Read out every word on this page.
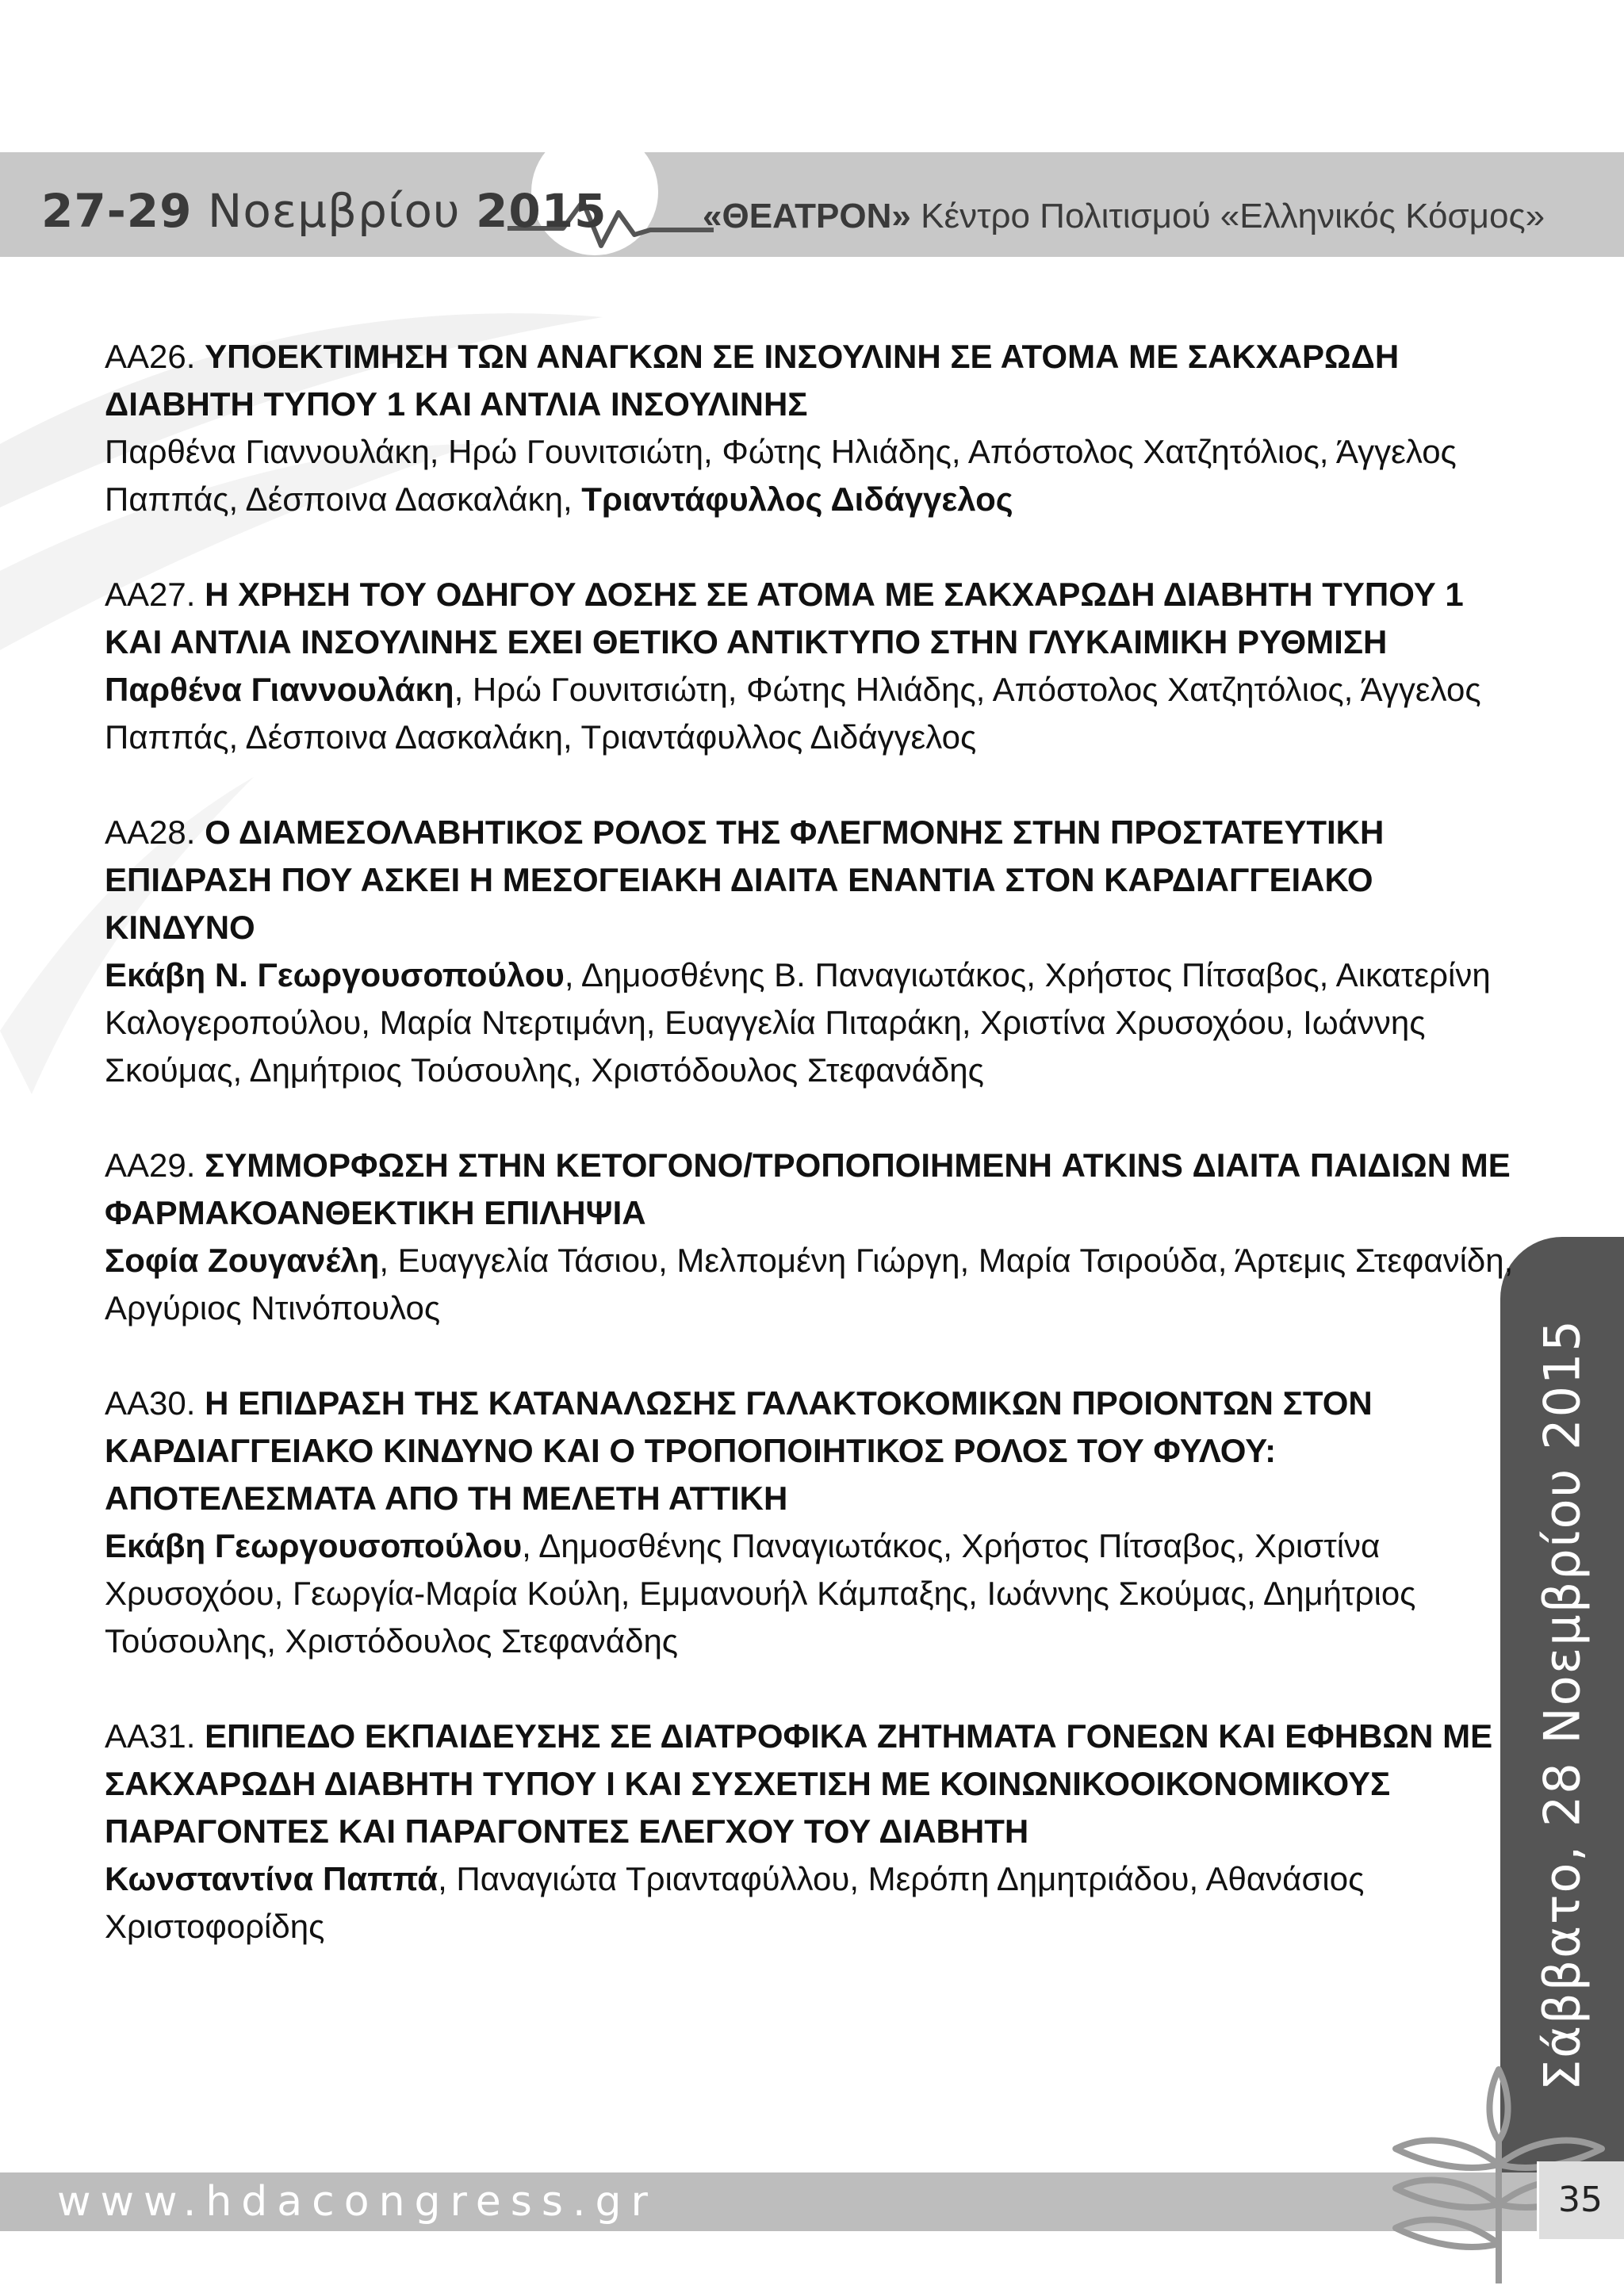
27-29 Νοεμβρίου 2015	«ΘΕΑΤΡΟΝ» Κέντρο Πολιτισμού «Ελληνικός Κόσμος»

AA26. YΠΟΕΚΤΙΜΗΣΗ ΤΩΝ ΑΝΑΓΚΩΝ ΣΕ ΙΝΣΟΥΛΙΝΗ ΣΕ ΑΤΟΜΑ ΜΕ ΣΑΚΧΑΡΩΔΗ ΔΙΑΒΗΤΗ ΤΥΠΟΥ 1 ΚΑΙ ΑΝΤΛΙΑ ΙΝΣΟΥΛΙΝΗΣ

Παρθένα Γιαννουλάκη, Ηρώ Γουνιτσιώτη, Φώτης Ηλιάδης, Απόστολος Χατζητόλιος, Άγγελος Παππάς, Δέσποινα Δασκαλάκη, Τριαντάφυλλος Διδάγγελος

AA27. Η ΧΡΗΣΗ ΤΟΥ ΟΔΗΓΟΥ ΔΟΣΗΣ ΣΕ ΑΤΟΜΑ ΜΕ ΣΑΚΧΑΡΩΔΗ ΔΙΑΒΗΤΗ ΤΥΠΟΥ 1 ΚΑΙ ΑΝΤΛΙΑ ΙΝΣΟΥΛΙΝΗΣ ΕΧΕΙ ΘΕΤΙΚΟ ΑΝΤΙΚΤΥΠΟ ΣΤΗΝ ΓΛΥΚΑΙΜΙΚΗ ΡΥΘΜΙΣΗ

Παρθένα Γιαννουλάκη, Ηρώ Γουνιτσιώτη, Φώτης Ηλιάδης, Απόστολος Χατζητόλιος, Άγγελος Παππάς, Δέσποινα Δασκαλάκη, Τριαντάφυλλος Διδάγγελος

AA28. Ο ΔΙΑΜΕΣΟΛΑΒΗΤΙΚΟΣ ΡΟΛΟΣ ΤΗΣ ΦΛΕΓΜΟΝΗΣ ΣΤΗΝ ΠΡΟΣΤΑΤΕΥΤΙΚΗ ΕΠΙΔΡΑΣΗ ΠΟΥ ΑΣΚΕΙ Η ΜΕΣΟΓΕΙΑΚΗ ΔΙΑΙΤΑ ΕΝΑΝΤΙΑ ΣΤΟΝ ΚΑΡΔΙΑΓΓΕΙΑΚΟ ΚΙΝΔΥΝΟ

Εκάβη Ν. Γεωργουσοπούλου, Δημοσθένης Β. Παναγιωτάκος, Χρήστος Πίτσαβος, Αικατερίνη Καλογεροπούλου, Μαρία Ντερτιμάνη, Ευαγγελία Πιταράκη, Χριστίνα Χρυσοχόου, Ιωάννης Σκούμας, Δημήτριος Τούσουλης, Χριστόδουλος Στεφανάδης

AA29. ΣΥΜΜΟΡΦΩΣΗ ΣΤΗΝ ΚΕΤΟΓΟΝΟ/ΤΡΟΠΟΠΟΙΗΜΕΝΗ ATKINS ΔΙΑΙΤΑ ΠΑΙΔΙΩΝ ΜΕ ΦΑΡΜΑΚΟΑΝΘΕΚΤΙΚΗ ΕΠΙΛΗΨΙΑ

Σοφία Ζουγανέλη, Ευαγγελία Τάσιου, Μελπομένη Γιώργη, Μαρία Τσιρούδα, Άρτεμις Στεφανίδη, Αργύριος Ντινόπουλος

AA30. Η ΕΠΙΔΡΑΣΗ ΤΗΣ ΚΑΤΑΝΑΛΩΣΗΣ ΓΑΛΑΚΤΟΚΟΜΙΚΩΝ ΠΡΟΙΟΝΤΩΝ ΣΤΟΝ ΚΑΡΔΙΑΓΓΕΙΑΚΟ ΚΙΝΔΥΝΟ ΚΑΙ Ο ΤΡΟΠΟΠΟΙΗΤΙΚΟΣ ΡΟΛΟΣ ΤΟΥ ΦΥΛΟΥ: ΑΠΟΤΕΛΕΣΜΑΤΑ ΑΠΟ ΤΗ ΜΕΛΕΤΗ ΑΤΤΙΚΗ

Εκάβη Γεωργουσοπούλου, Δημοσθένης Παναγιωτάκος, Χρήστος Πίτσαβος, Χριστίνα Χρυσοχόου, Γεωργία-Μαρία Κούλη, Εμμανουήλ Κάμπαξης, Ιωάννης Σκούμας, Δημήτριος Τούσουλης, Χριστόδουλος Στεφανάδης

AA31. ΕΠΙΠΕΔΟ ΕΚΠΑΙΔΕΥΣΗΣ ΣΕ ΔΙΑΤΡΟΦΙΚΑ ΖΗΤΗΜΑΤΑ ΓΟΝΕΩΝ ΚΑΙ ΕΦΗΒΩΝ ΜΕ ΣΑΚΧΑΡΩΔΗ ΔΙΑΒΗΤΗ ΤΥΠΟΥ Ι ΚΑΙ ΣΥΣΧΕΤΙΣΗ ΜΕ ΚΟΙΝΩΝΙΚΟΟΙΚΟΝΟΜΙΚΟΥΣ ΠΑΡΑΓΟΝΤΕΣ ΚΑΙ ΠΑΡΑΓΟΝΤΕΣ ΕΛΕΓΧΟΥ ΤΟΥ ΔΙΑΒΗΤΗ

Κωνσταντίνα Παππά, Παναγιώτα Τριανταφύλλου, Μερόπη Δημητριάδου, Αθανάσιος Χριστοφορίδης	Σάββατο, 28 Νοεμβρίου 2015
www.hdacongress.gr	35
